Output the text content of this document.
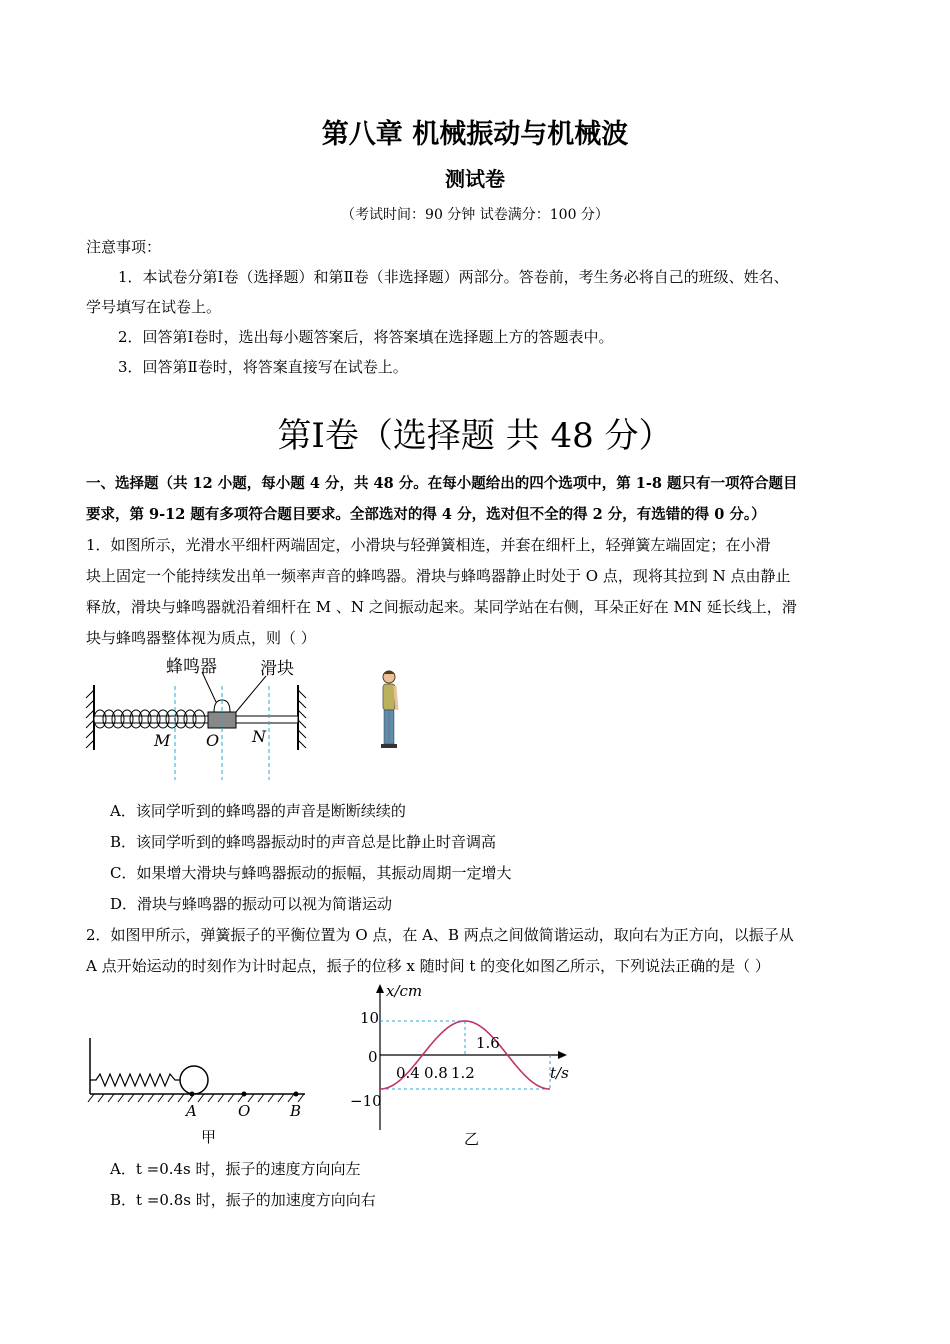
第八章 机械振动与机械波
测试卷
（考试时间：90 分钟 试卷满分：100 分）
注意事项：
1．本试卷分第Ⅰ卷（选择题）和第Ⅱ卷（非选择题）两部分。答卷前，考生务必将自己的班级、姓名、
学号填写在试卷上。
2．回答第Ⅰ卷时，选出每小题答案后，将答案填在选择题上方的答题表中。
3．回答第Ⅱ卷时，将答案直接写在试卷上。
第Ⅰ卷（选择题 共 48 分）
一、选择题（共 12 小题，每小题 4 分，共 48 分。在每小题给出的四个选项中，第 1-8 题只有一项符合题目
要求，第 9-12 题有多项符合题目要求。全部选对的得 4 分，选对但不全的得 2 分，有选错的得 0 分。）
1．如图所示，光滑水平细杆两端固定，小滑块与轻弹簧相连，并套在细杆上，轻弹簧左端固定；在小滑
块上固定一个能持续发出单一频率声音的蜂鸣器。滑块与蜂鸣器静止时处于 O 点，现将其拉到 N 点由静止
释放，滑块与蜂鸣器就沿着细杆在 M 、N 之间振动起来。某同学站在右侧，耳朵正好在 MN 延长线上，滑
块与蜂鸣器整体视为质点，则（ ）
蜂鸣器	滑块
M O N
A．该同学听到的蜂鸣器的声音是断断续续的
B．该同学听到的蜂鸣器振动时的声音总是比静止时音调高
C．如果增大滑块与蜂鸣器振动的振幅，其振动周期一定增大
D．滑块与蜂鸣器的振动可以视为简谐运动
2．如图甲所示，弹簧振子的平衡位置为 O 点，在 A、B 两点之间做简谐运动，取向右为正方向，以振子从
A 点开始运动的时刻作为计时起点，振子的位移 x 随时间 t 的变化如图乙所示，下列说法正确的是（ ）
A	O	B
甲
x/cm
t/s
10
0
−10
0.4 0.8 1.2
1.6
乙
A．t =0.4s 时，振子的速度方向向左
B．t =0.8s 时，振子的加速度方向向右
